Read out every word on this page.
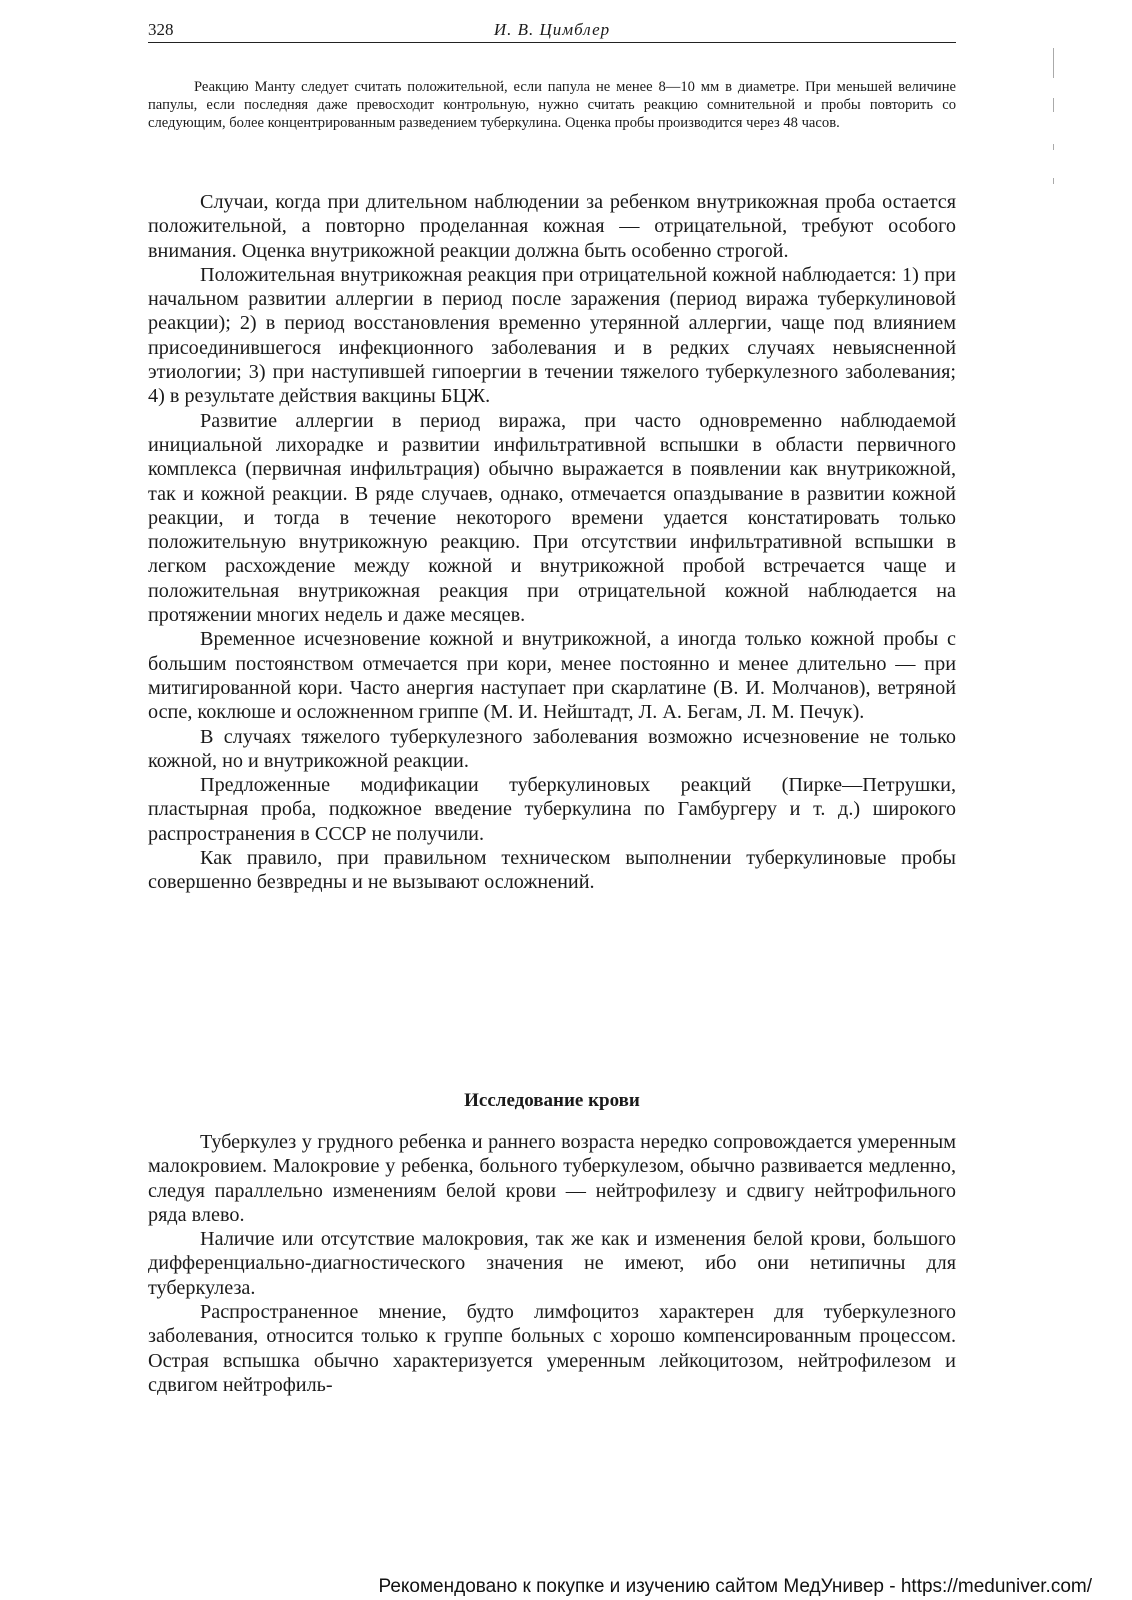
328	И. В. Цимблер

Реакцию Манту следует считать положительной, если папула не менее 8—10 мм в диаметре. При меньшей величине папулы, если последняя даже превосходит контрольную, нужно считать реакцию сомнительной и пробы повторить со следующим, более концентрированным разведением туберкулина. Оценка пробы производится через 48 часов.

Случаи, когда при длительном наблюдении за ребенком внутрикожная проба остается положительной, а повторно проделанная кожная — отрицательной, требуют особого внимания. Оценка внутрикожной реакции должна быть особенно строгой.

Положительная внутрикожная реакция при отрицательной кожной наблюдается: 1) при начальном развитии аллергии в период после заражения (период виража туберкулиновой реакции); 2) в период восстановления временно утерянной аллергии, чаще под влиянием присоединившегося инфекционного заболевания и в редких случаях невыясненной этиологии; 3) при наступившей гипоергии в течении тяжелого туберкулезного заболевания; 4) в результате действия вакцины БЦЖ.

Развитие аллергии в период виража, при часто одновременно наблюдаемой инициальной лихорадке и развитии инфильтративной вспышки в области первичного комплекса (первичная инфильтрация) обычно выражается в появлении как внутрикожной, так и кожной реакции. В ряде случаев, однако, отмечается опаздывание в развитии кожной реакции, и тогда в течение некоторого времени удается констатировать только положительную внутрикожную реакцию. При отсутствии инфильтративной вспышки в легком расхождение между кожной и внутрикожной пробой встречается чаще и положительная внутрикожная реакция при отрицательной кожной наблюдается на протяжении многих недель и даже месяцев.

Временное исчезновение кожной и внутрикожной, а иногда только кожной пробы с большим постоянством отмечается при кори, менее постоянно и менее длительно — при митигированной кори. Часто анергия наступает при скарлатине (В. И. Молчанов), ветряной оспе, коклюше и осложненном гриппе (М. И. Нейштадт, Л. А. Бегам, Л. М. Печук).

В случаях тяжелого туберкулезного заболевания возможно исчезновение не только кожной, но и внутрикожной реакции.

Предложенные модификации туберкулиновых реакций (Пирке—Петрушки, пластырная проба, подкожное введение туберкулина по Гамбургеру и т. д.) широкого распространения в СССР не получили.

Как правило, при правильном техническом выполнении туберкулиновые пробы совершенно безвредны и не вызывают осложнений.

Исследование крови

Туберкулез у грудного ребенка и раннего возраста нередко сопровождается умеренным малокровием. Малокровие у ребенка, больного туберкулезом, обычно развивается медленно, следуя параллельно изменениям белой крови — нейтрофилезу и сдвигу нейтрофильного ряда влево.

Наличие или отсутствие малокровия, так же как и изменения белой крови, большого дифференциально-диагностического значения не имеют, ибо они нетипичны для туберкулеза.

Распространенное мнение, будто лимфоцитоз характерен для туберкулезного заболевания, относится только к группе больных с хорошо компенсированным процессом. Острая вспышка обычно характеризуется умеренным лейкоцитозом, нейтрофилезом и сдвигом нейтрофиль-

Рекомендовано к покупке и изучению сайтом МедУнивер - https://meduniver.com/
